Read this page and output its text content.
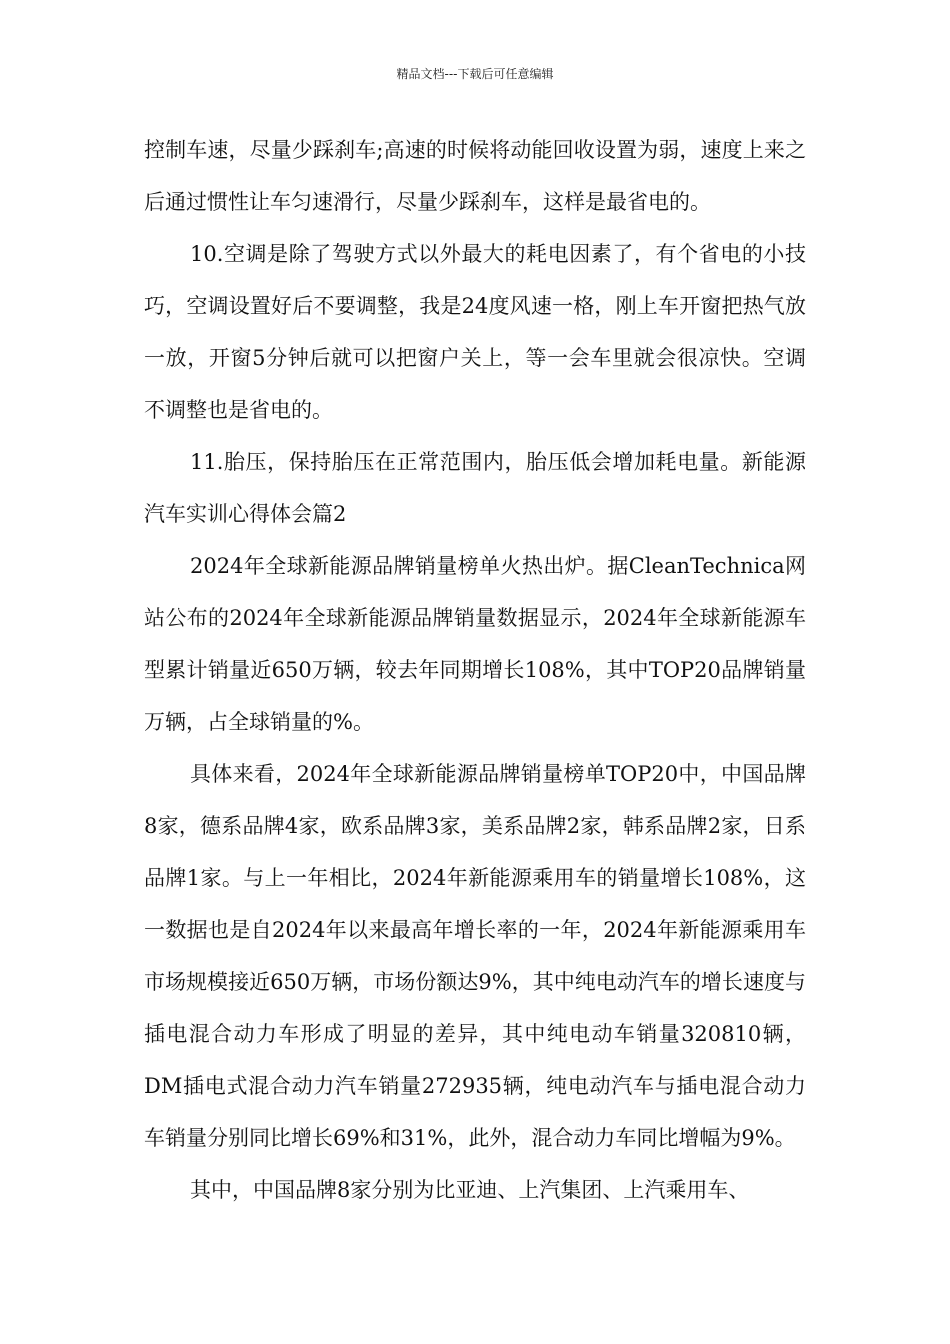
精品文档---下载后可任意编辑

控制车速，尽量少踩刹车;高速的时候将动能回收设置为弱，速度上来之后通过惯性让车匀速滑行，尽量少踩刹车，这样是最省电的。

10.空调是除了驾驶方式以外最大的耗电因素了，有个省电的小技巧，空调设置好后不要调整，我是24度风速一格，刚上车开窗把热气放一放，开窗5分钟后就可以把窗户关上，等一会车里就会很凉快。空调不调整也是省电的。

11.胎压，保持胎压在正常范围内，胎压低会增加耗电量。新能源汽车实训心得体会篇2

2024年全球新能源品牌销量榜单火热出炉。据CleanTechnica网站公布的2024年全球新能源品牌销量数据显示，2024年全球新能源车型累计销量近650万辆，较去年同期增长108%，其中TOP20品牌销量万辆，占全球销量的%。

具体来看，2024年全球新能源品牌销量榜单TOP20中，中国品牌8家，德系品牌4家，欧系品牌3家，美系品牌2家，韩系品牌2家，日系品牌1家。与上一年相比，2024年新能源乘用车的销量增长108%，这一数据也是自2024年以来最高年增长率的一年，2024年新能源乘用车市场规模接近650万辆，市场份额达9%，其中纯电动汽车的增长速度与插电混合动力车形成了明显的差异，其中纯电动车销量320810辆，DM插电式混合动力汽车销量272935辆，纯电动汽车与插电混合动力车销量分别同比增长69%和31%，此外，混合动力车同比增幅为9%。

其中，中国品牌8家分别为比亚迪、上汽集团、上汽乘用车、
